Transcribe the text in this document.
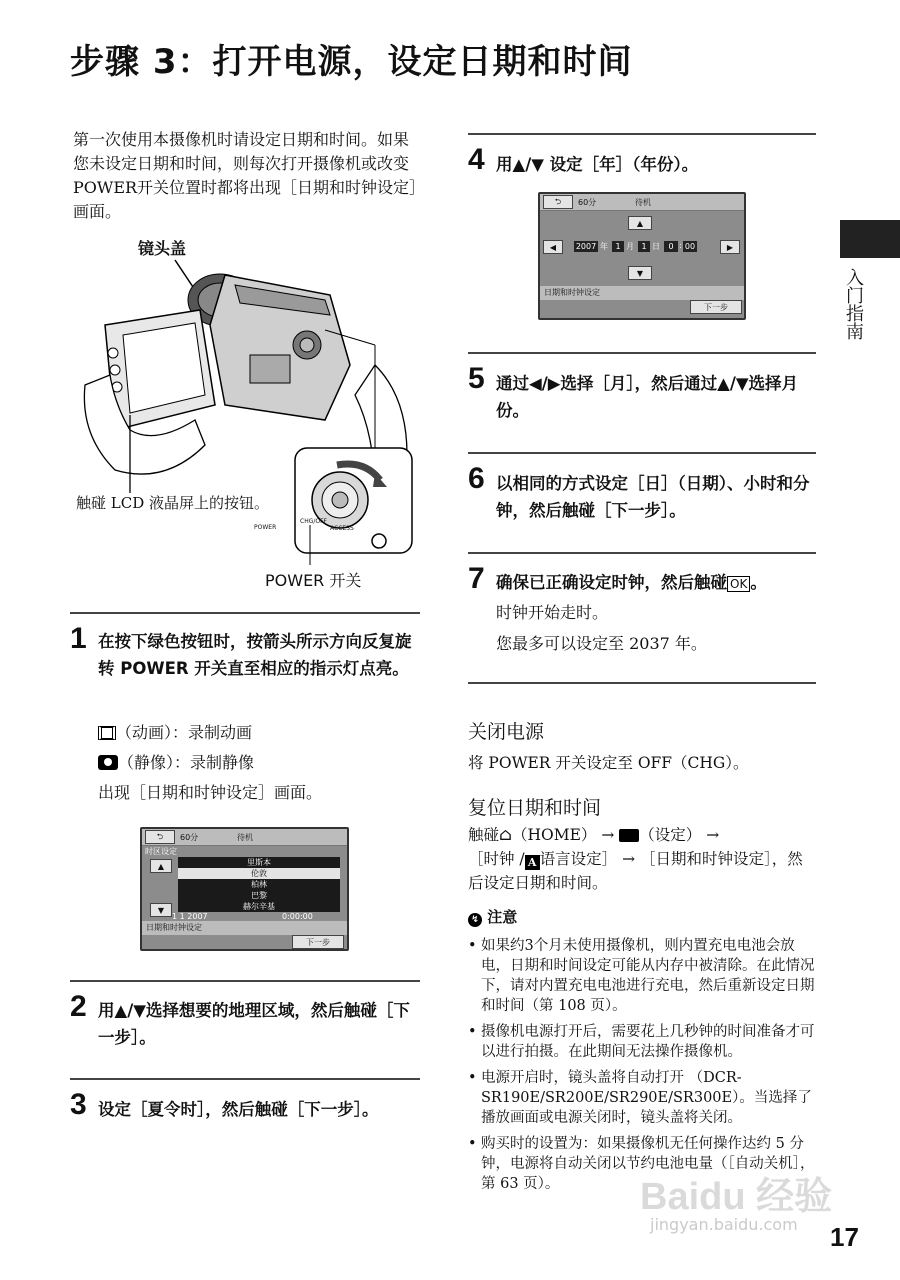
步骤 3：打开电源，设定日期和时间
入门指南
第一次使用本摄像机时请设定日期和时间。如果您未设定日期和时间，则每次打开摄像机或改变POWER开关位置时都将出现［日期和时钟设定］画面。
镜头盖
POWER
CHG/OFF
ACCESS
触碰 LCD 液晶屏上的按钮。
POWER 开关
1 在按下绿色按钮时，按箭头所示方向反复旋转 POWER 开关直至相应的指示灯点亮。
（动画）：录制动画
（静像）：录制静像
出现［日期和时钟设定］画面。
⮌	60分	待机
时区设定
▲
▼
里斯本
伦敦
柏林
巴黎
赫尔辛基
1 1 2007	0:00:00
日期和时钟设定
下一步
2 用▲/▼选择想要的地理区域，然后触碰［下一步］。
3 设定［夏令时］，然后触碰［下一步］。
4 用▲/▼ 设定［年］（年份）。
⮌	60分	待机
▲
◀	▶
2007 年 1 月 1 日	0 : 00
▼
日期和时钟设定
下一步
5 通过◀/▶选择［月］，然后通过▲/▼选择月份。
6 以相同的方式设定［日］（日期）、小时和分钟，然后触碰［下一步］。
7 确保已正确设定时钟，然后触碰 OK 。
时钟开始走时。
您最多可以设定至 2037 年。
关闭电源
将 POWER 开关设定至 OFF（CHG）。
复位日期和时间
触碰⌂（HOME） → （设定） →
［时钟 / A 语言设定］ → ［日期和时钟设定］，然后设定日期和时间。
↯ 注意
• 如果约3个月未使用摄像机，则内置充电电池会放电，日期和时间设定可能从内存中被清除。在此情况下，请对内置充电电池进行充电，然后重新设定日期和时间（第 108 页）。
• 摄像机电源打开后，需要花上几秒钟的时间准备才可以进行拍摄。在此期间无法操作摄像机。
• 电源开启时，镜头盖将自动打开 （DCR-SR190E/SR200E/SR290E/SR300E）。当选择了播放画面或电源关闭时，镜头盖将关闭。
• 购买时的设置为：如果摄像机无任何操作达约 5 分钟，电源将自动关闭以节约电池电量（［自动关机］，第 63 页）。	Baidu 经验
jingyan.baidu.com 17
